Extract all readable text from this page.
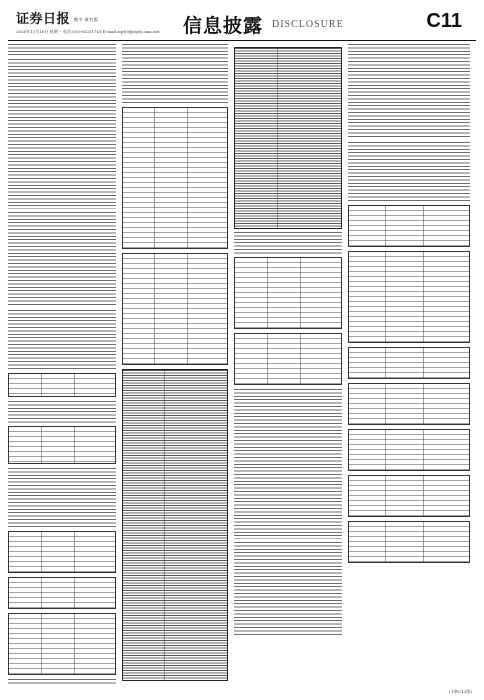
证券日报 数字 研究版
2020年11月16日 星期一 电话:010-83251716 E-mail:zqrb9@zqrb.sina.net 信息披露 DISCLOSURE	C11
(下转C12版)
